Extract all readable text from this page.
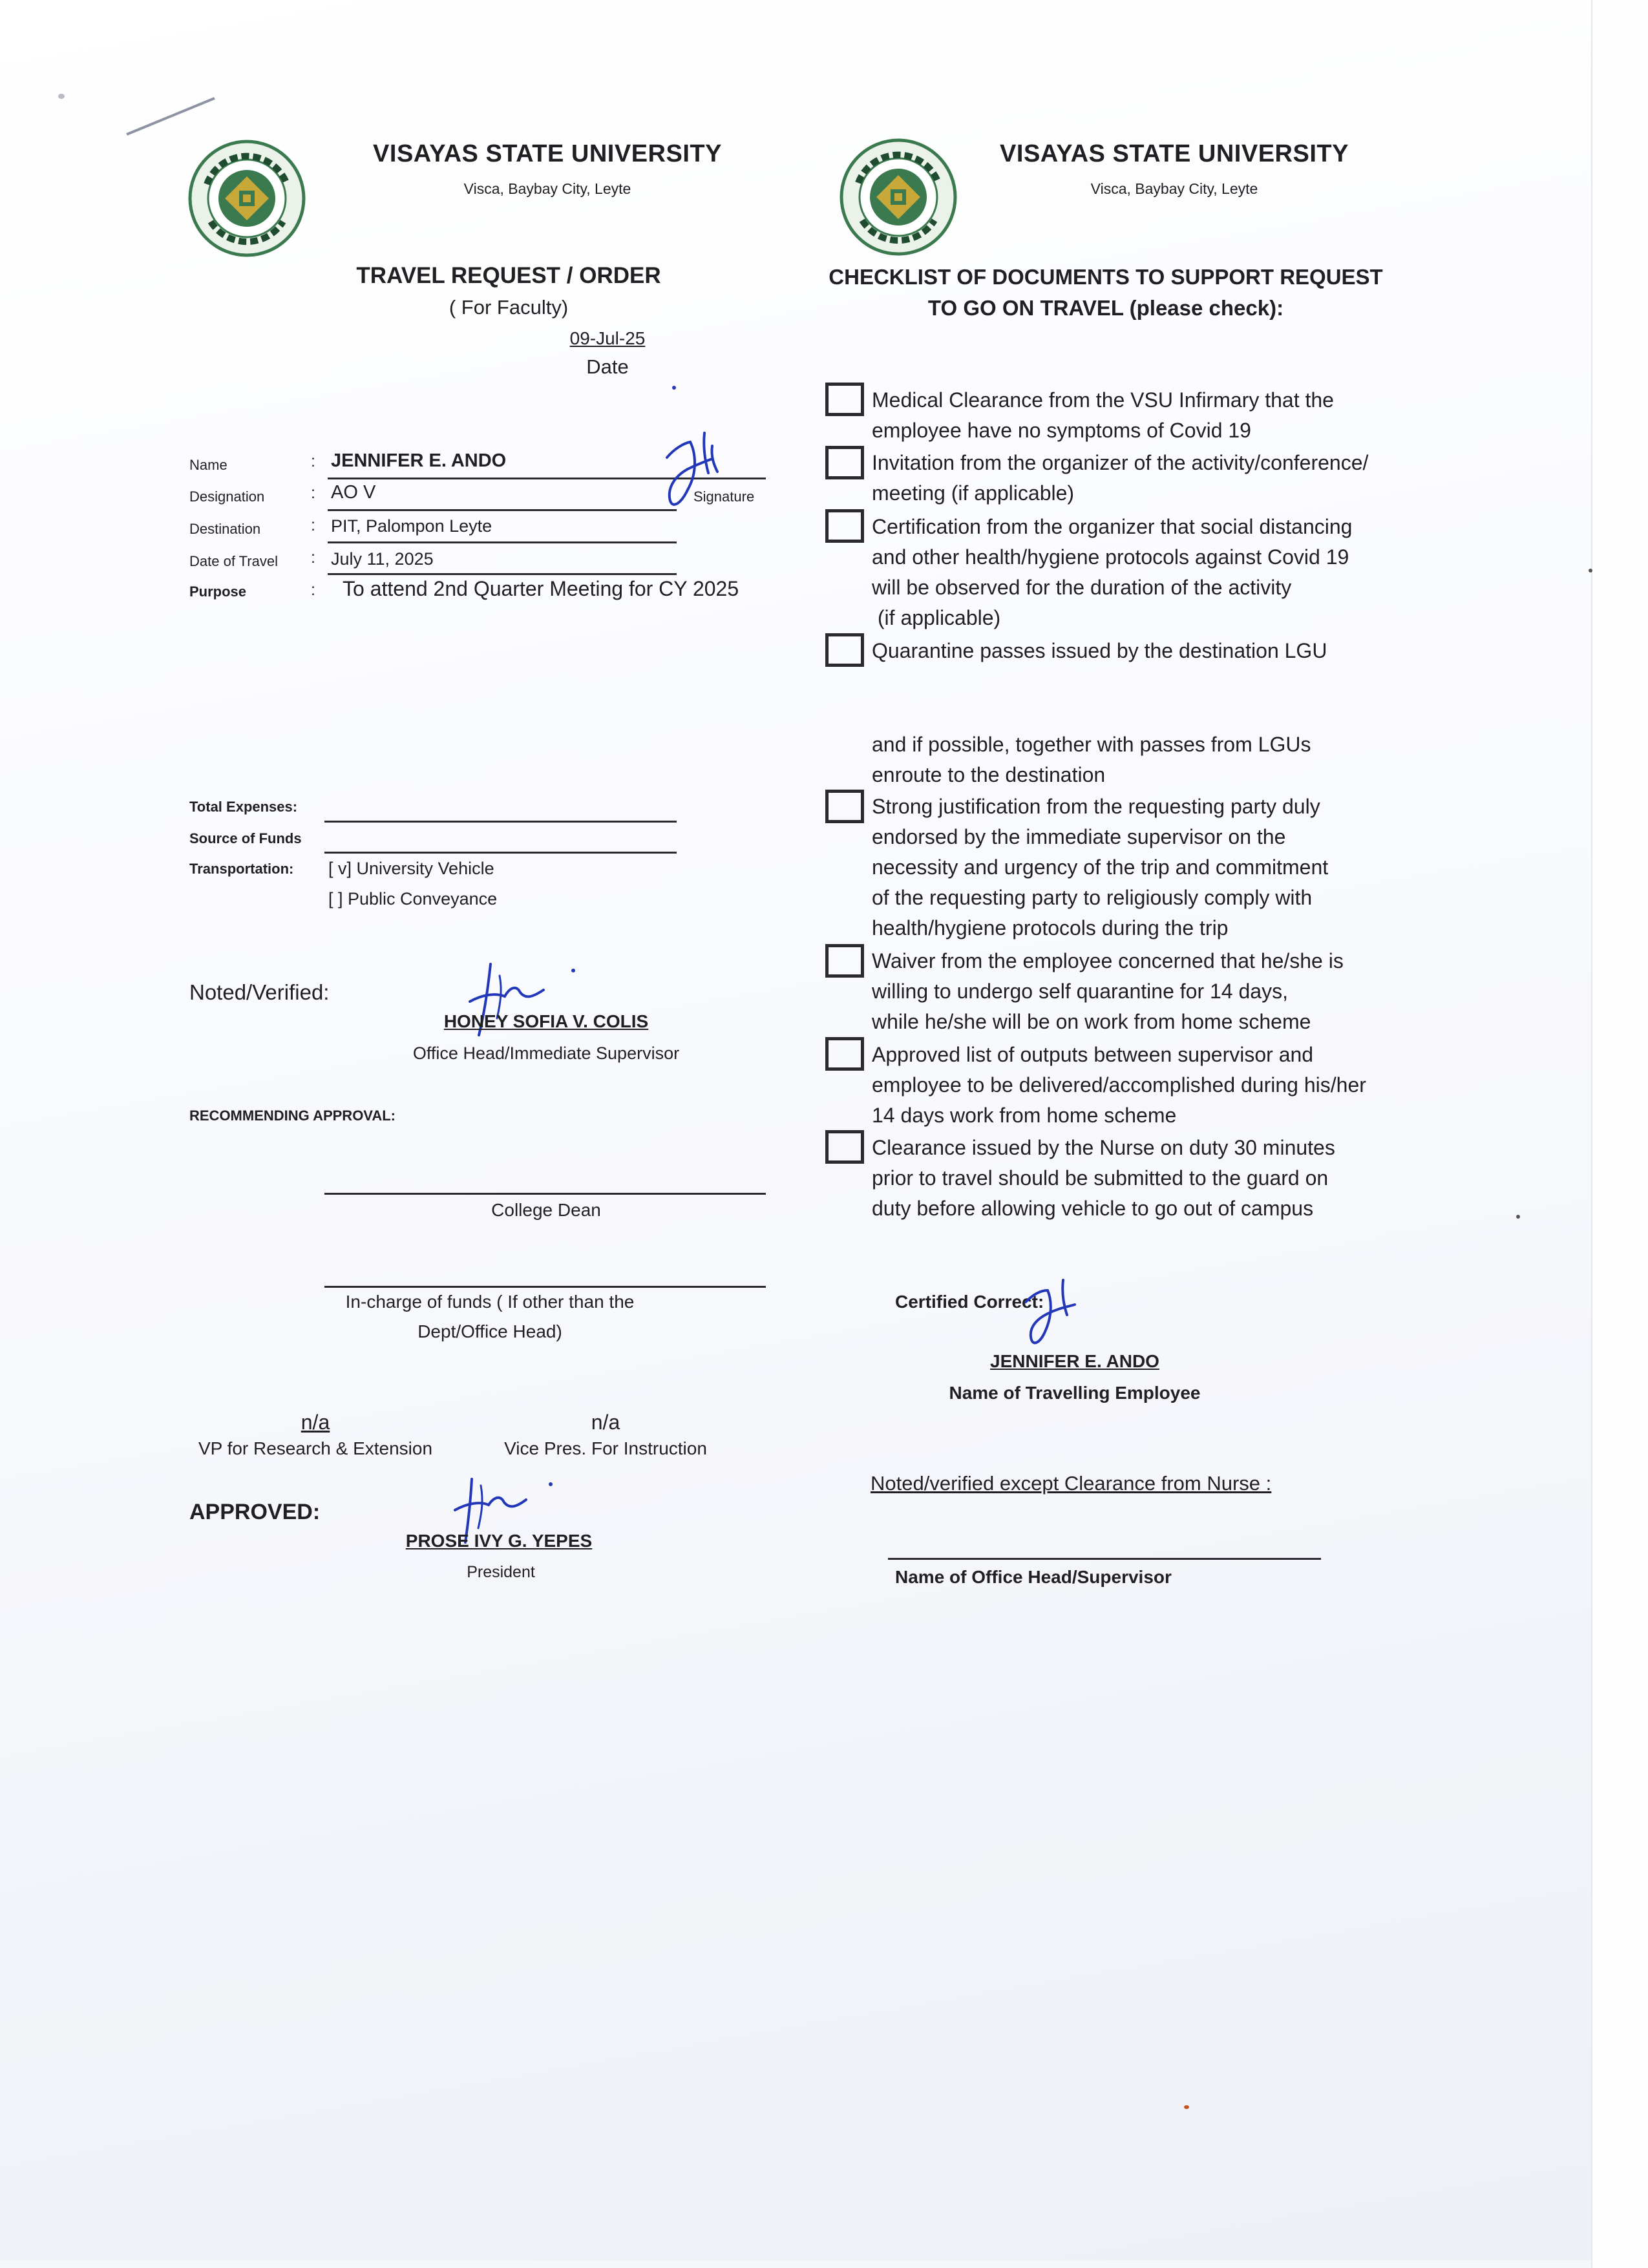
VISAYAS STATE UNIVERSITY
Visca, Baybay City, Leyte
TRAVEL REQUEST / ORDER
( For Faculty)
09-Jul-25
Date
Name	: JENNIFER E. ANDO
Signature
Designation	: AO V
Destination	: PIT, Palompon Leyte
Date of Travel : July 11, 2025
Purpose	: To attend 2nd Quarter Meeting for CY 2025
Total Expenses:
Source of Funds
Transportation: [ v] University Vehicle
[ ] Public Conveyance
Noted/Verified:
HONEY SOFIA V. COLIS
Office Head/Immediate Supervisor
RECOMMENDING APPROVAL:
College Dean
In-charge of funds ( If other than the
Dept/Office Head)
n/a
VP for Research & Extension
n/a
Vice Pres. For Instruction
APPROVED:
PROSE IVY G. YEPES
President
VISAYAS STATE UNIVERSITY
Visca, Baybay City, Leyte
CHECKLIST OF DOCUMENTS TO SUPPORT REQUEST
TO GO ON TRAVEL (please check):
Medical Clearance from the VSU Infirmary that the
employee have no symptoms of Covid 19
Invitation from the organizer of the activity/conference/
meeting (if applicable)
Certification from the organizer that social distancing
and other health/hygiene protocols against Covid 19
will be observed for the duration of the activity
(if applicable)
Quarantine passes issued by the destination LGU
and if possible, together with passes from LGUs
enroute to the destination
Strong justification from the requesting party duly
endorsed by the immediate supervisor on the
necessity and urgency of the trip and commitment
of the requesting party to religiously comply with
health/hygiene protocols during the trip
Waiver from the employee concerned that he/she is
willing to undergo self quarantine for 14 days,
while he/she will be on work from home scheme
Approved list of outputs between supervisor and
employee to be delivered/accomplished during his/her
14 days work from home scheme
Clearance issued by the Nurse on duty 30 minutes
prior to travel should be submitted to the guard on
duty before allowing vehicle to go out of campus
Certified Correct:
JENNIFER E. ANDO
Name of Travelling Employee
Noted/verified except Clearance from Nurse :
Name of Office Head/Supervisor
